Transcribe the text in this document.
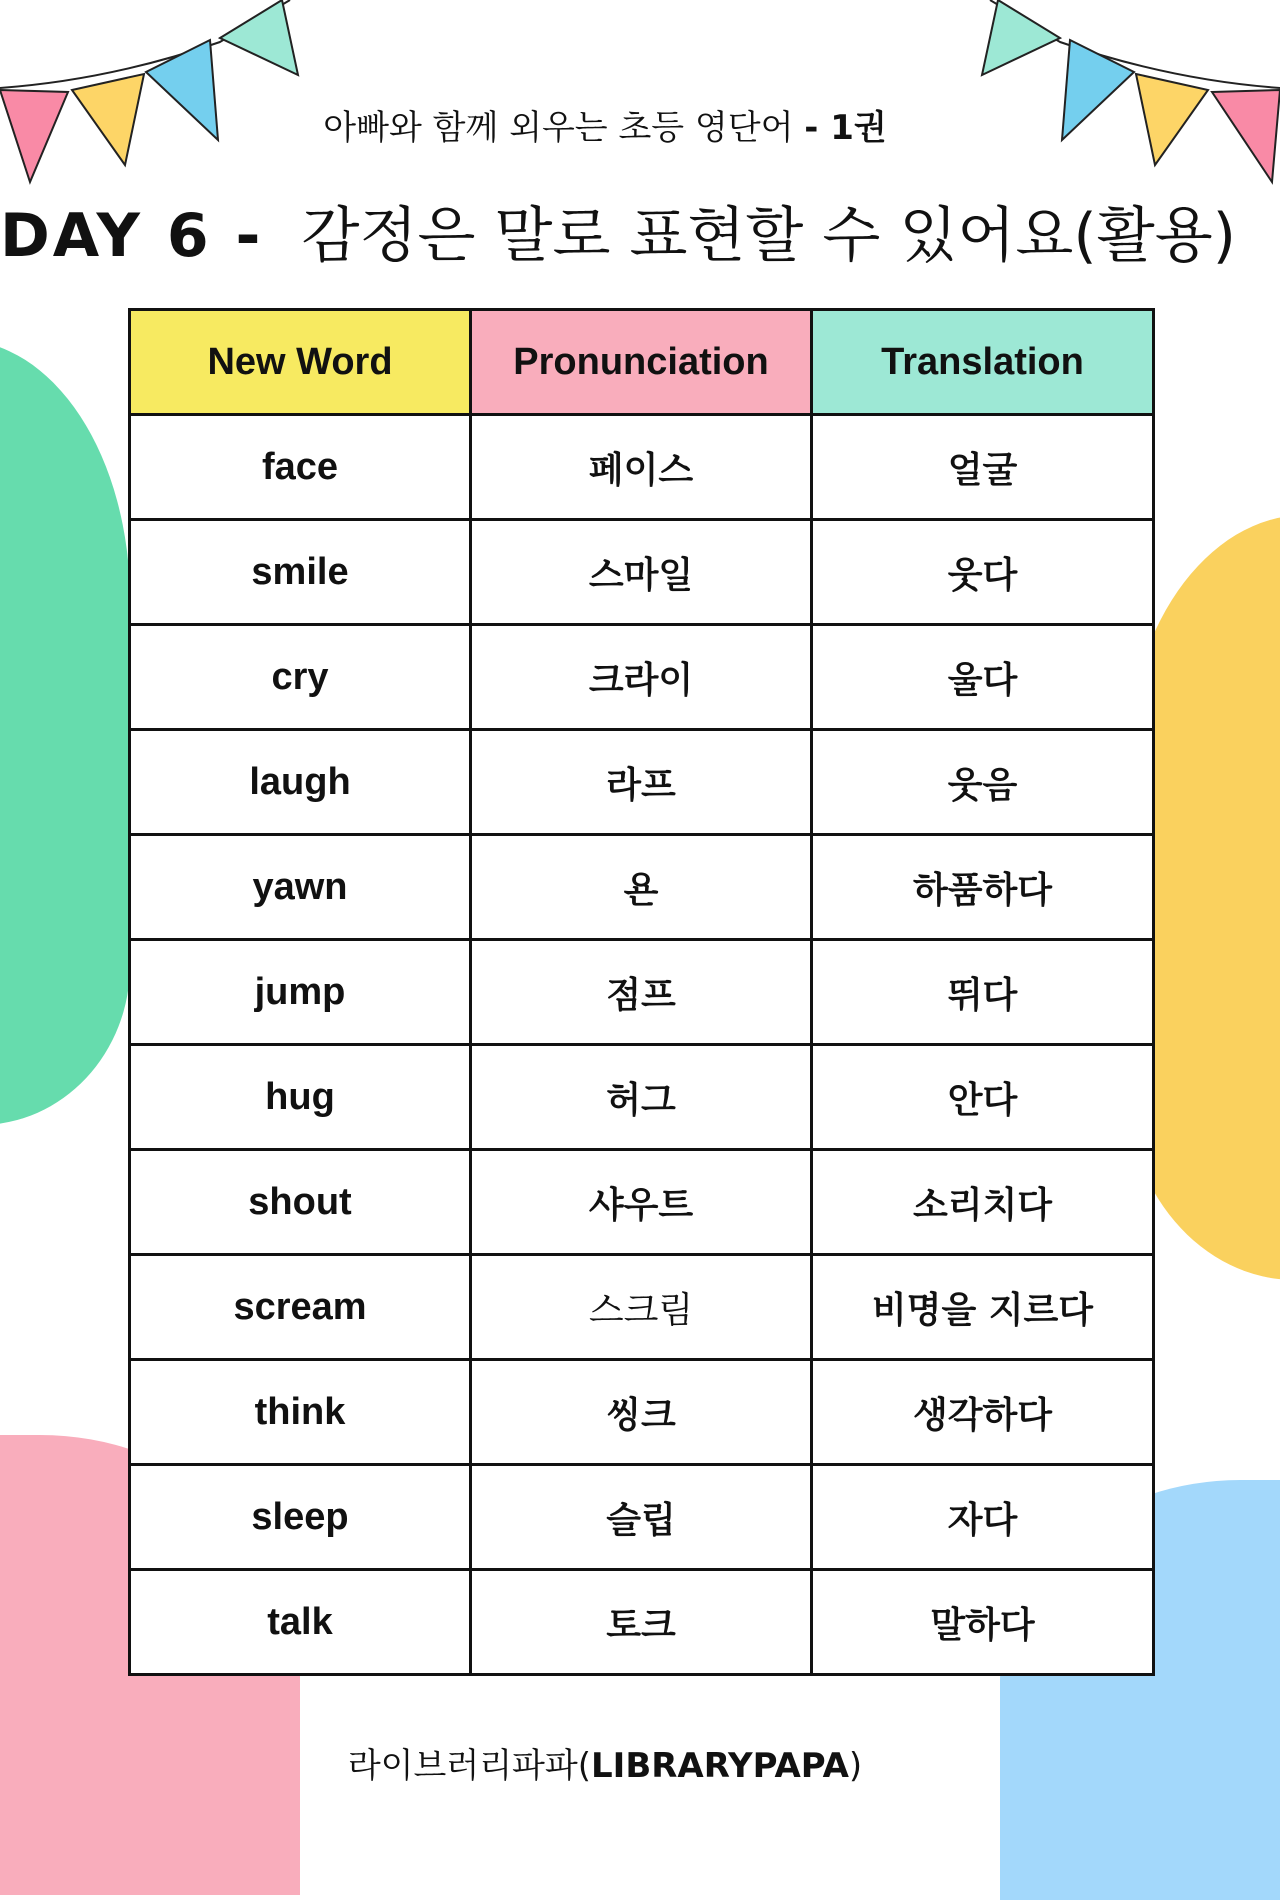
아빠와 함께 외우는 초등 영단어 - 1권
DAY 6 - 감정은 말로 표현할 수 있어요(활용)
New Word	Pronunciation	Translation
face	페이스	얼굴
smile	스마일	웃다
cry	크라이	울다
laugh	라프	웃음
yawn	욘	하품하다
jump	점프	뛰다
hug	허그	안다
shout	샤우트	소리치다
scream	스크림	비명을 지르다
think	씽크	생각하다
sleep	슬립	자다
talk	토크	말하다
라이브러리파파(LIBRARYPAPA)
